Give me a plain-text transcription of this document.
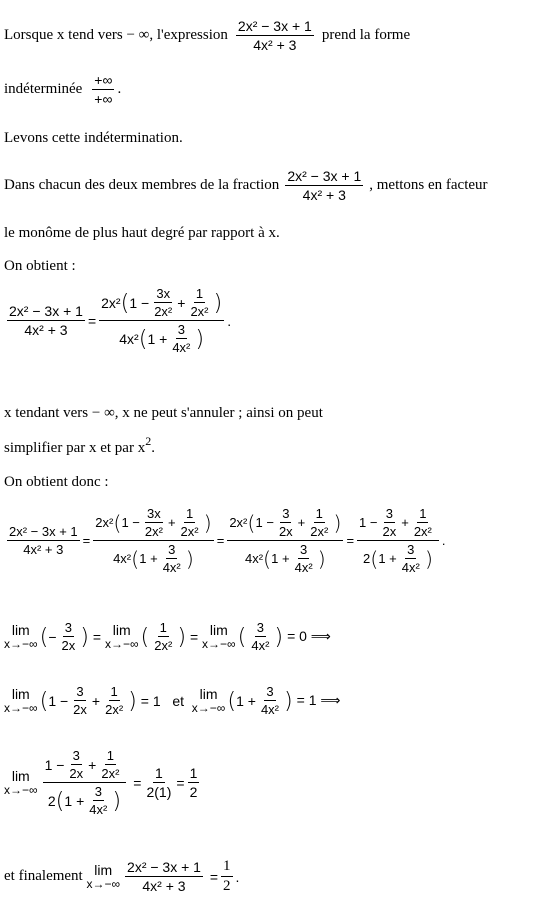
Lorsque x tend vers
− ∞, l'expression $\frac{\text{2x² − 3x + 1}}{\text{4x² + 3}}$ prend la forme
indéterminée $\frac{+\infty}{+\infty}$ .
Levons cette indétermination.
Dans chacun des deux membres de la fraction $\frac{\text{2x² − 3x + 1}}{\text{4x² + 3}}$ , mettons en facteur
le monôme de plus haut degré par rapport à x.
On obtient :
$\frac{\text{2x² − 3x + 1}}{\text{4x² + 3}} = \frac{2x^2 ( 1 - \frac{3x}{\text{2x²}} + \frac{1}{\text{2x²}} )}{4x^2 ( 1 + \frac{3}{\text{4x²}} )}$ .
x tendant vers − ∞, x ne peut s'annuler ; ainsi on peut
simplifier par x et par $x^2$.
On obtient donc :
$\frac{\text{2x² − 3x + 1}}{\text{4x² + 3}} = \frac{2x^2 ( 1 - \frac{3x}{\text{2x²}} + \frac{1}{\text{2x²}} )}{4x^2 ( 1 + \frac{3}{\text{4x²}} )} = \frac{2x^2 ( 1 - \frac{3}{2x} + \frac{1}{\text{2x²}} )}{4x^2 ( 1 + \frac{3}{\text{4x²}} )} = \frac{1 - \frac{3}{2x} + \frac{1}{\text{2x²}}}{2 ( 1 + \frac{3}{\text{4x²}} )}$ .
lim
x→−∞ ( − $\frac{3}{2x}$ ) = lim
x→−∞ ( $\frac{1}{\text{2x²}}$ ) = lim
x→−∞ ( $\frac{3}{\text{4x²}}$ )
= 0 ⟹
lim
x→−∞ ( $1 - \frac{3}{2x} + \frac{1}{\text{2x²}}$ )
= 1   et
lim
x→−∞ ( $1 + \frac{3}{\text{4x²}}$ )
= 1 ⟹
lim
$x\to-\infty \frac{1 - \frac{3}{2x} + \frac{1}{\text{2x²}}}{2 ( 1 + \frac{3}{\text{4x²}} )} = \frac{1}{2(1)} = \frac{1}{2}$
et finalement
lim
$x\to-\infty \frac{\text{2x² − 3x + 1}}{\text{4x² + 3}} = \frac{1}{2}$ .
